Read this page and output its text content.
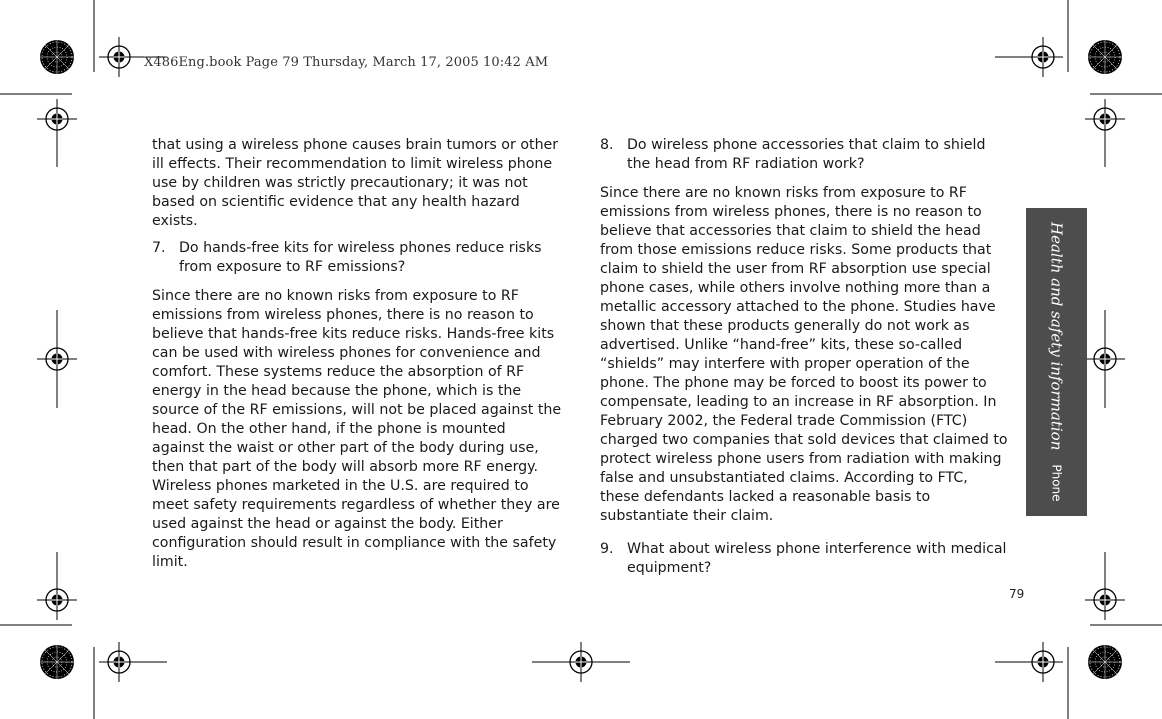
X486Eng.book Page 79 Thursday, March 17, 2005 10:42 AM

that using a wireless phone causes brain tumors or other ill effects. Their recommendation to limit wireless phone use by children was strictly precautionary; it was not based on scientific evidence that any health hazard exists.

7. Do hands-free kits for wireless phones reduce risks from exposure to RF emissions?

Since there are no known risks from exposure to RF emissions from wireless phones, there is no reason to believe that hands-free kits reduce risks. Hands-free kits can be used with wireless phones for convenience and comfort. These systems reduce the absorption of RF energy in the head because the phone, which is the source of the RF emissions, will not be placed against the head. On the other hand, if the phone is mounted against the waist or other part of the body during use, then that part of the body will absorb more RF energy. Wireless phones marketed in the U.S. are required to meet safety requirements regardless of whether they are used against the head or against the body. Either configuration should result in compliance with the safety limit.

8. Do wireless phone accessories that claim to shield the head from RF radiation work?

Since there are no known risks from exposure to RF emissions from wireless phones, there is no reason to believe that accessories that claim to shield the head from those emissions reduce risks. Some products that claim to shield the user from RF absorption use special phone cases, while others involve nothing more than a metallic accessory attached to the phone. Studies have shown that these products generally do not work as advertised. Unlike “hand-free” kits, these so-called “shields” may interfere with proper operation of the phone. The phone may be forced to boost its power to compensate, leading to an increase in RF absorption. In February 2002, the Federal trade Commission (FTC) charged two companies that sold devices that claimed to protect wireless phone users from radiation with making false and unsubstantiated claims. According to FTC, these defendants lacked a reasonable basis to substantiate their claim.

9. What about wireless phone interference with medical equipment?

Health and safety information
Phone
79
